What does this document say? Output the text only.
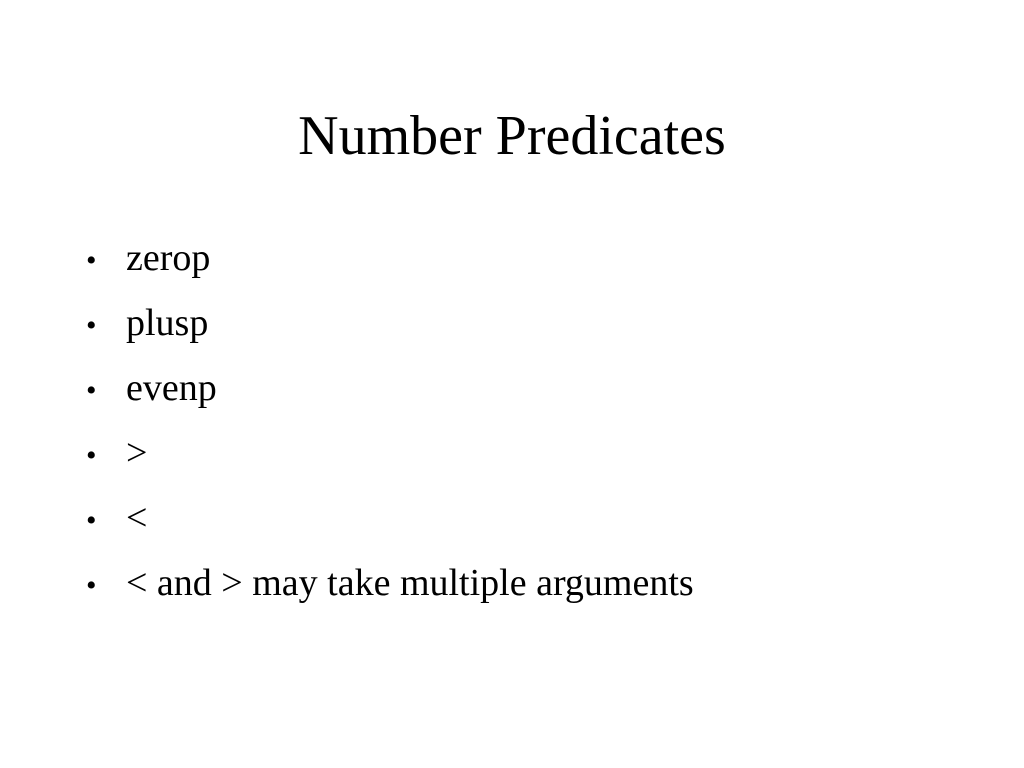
Number Predicates
• zerop
• plusp
• evenp
• >
• <
• < and > may take multiple arguments
